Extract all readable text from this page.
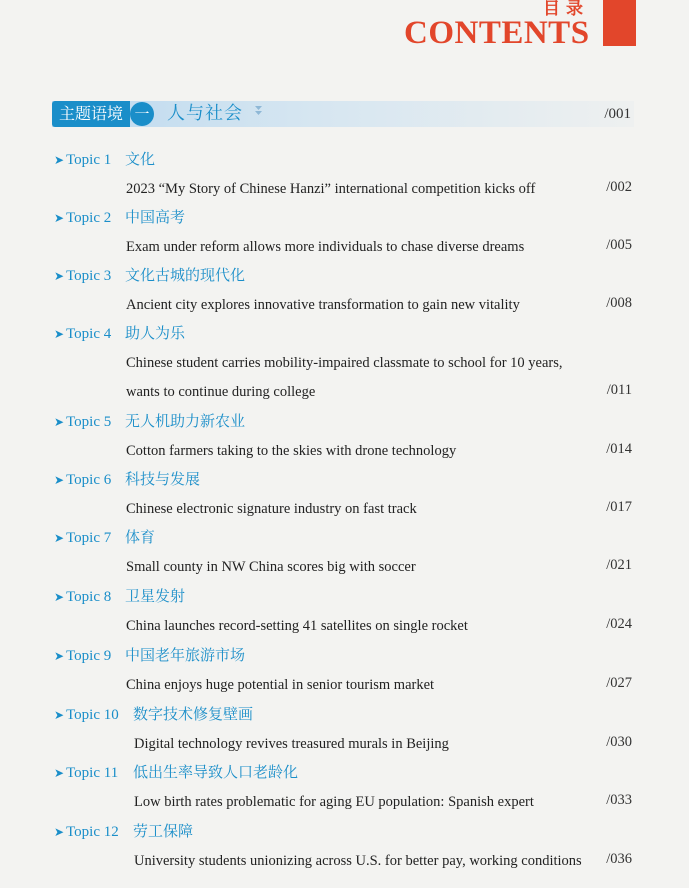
目录
CONTENTS
主题语境 一 人与社会	/001
➤ Topic 1 文化
2023 “My Story of Chinese Hanzi” international competition kicks off	/002
➤ Topic 2 中国高考
Exam under reform allows more individuals to chase diverse dreams	/005
➤ Topic 3 文化古城的现代化
Ancient city explores innovative transformation to gain new vitality	/008
➤ Topic 4 助人为乐
Chinese student carries mobility-impaired classmate to school for 10 years,
wants to continue during college	/011
➤ Topic 5 无人机助力新农业
Cotton farmers taking to the skies with drone technology	/014
➤ Topic 6 科技与发展
Chinese electronic signature industry on fast track	/017
➤ Topic 7 体育
Small county in NW China scores big with soccer	/021
➤ Topic 8 卫星发射
China launches record-setting 41 satellites on single rocket	/024
➤ Topic 9 中国老年旅游市场
China enjoys huge potential in senior tourism market	/027
➤ Topic 10 数字技术修复壁画
Digital technology revives treasured murals in Beijing	/030
➤ Topic 11 低出生率导致人口老龄化
Low birth rates problematic for aging EU population: Spanish expert	/033
➤ Topic 12 劳工保障
University students unionizing across U.S. for better pay, working conditions /036
